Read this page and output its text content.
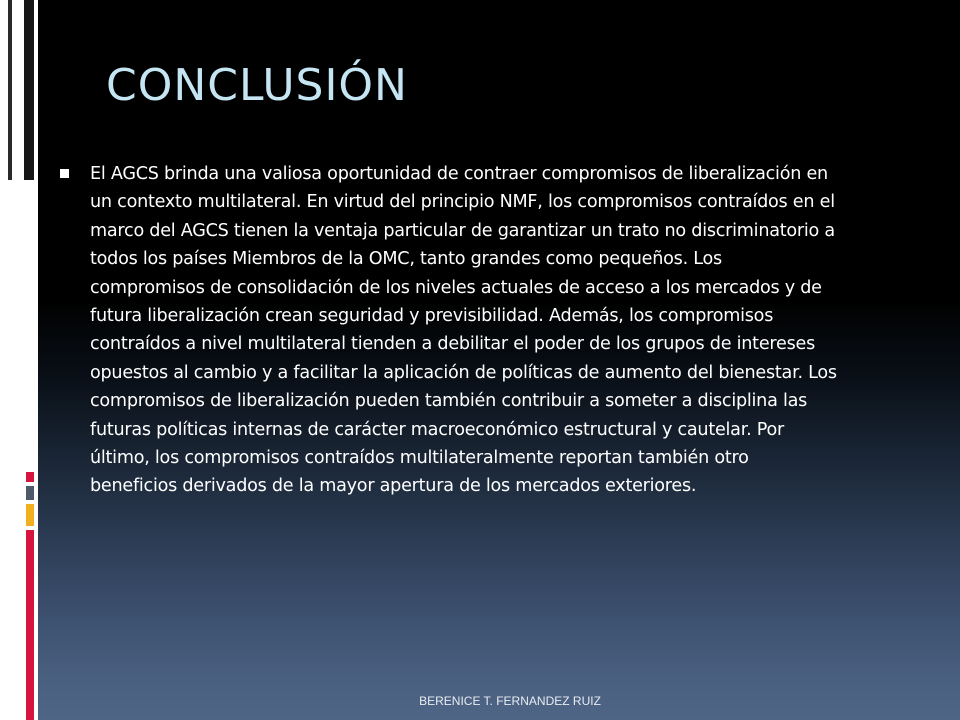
CONCLUSIÓN
El AGCS brinda una valiosa oportunidad de contraer compromisos de liberalización en un contexto multilateral. En virtud del principio NMF, los compromisos contraídos en el marco del AGCS tienen la ventaja particular de garantizar un trato no discriminatorio a todos los países Miembros de la OMC, tanto grandes como pequeños. Los compromisos de consolidación de los niveles actuales de acceso a los mercados y de futura liberalización crean seguridad y previsibilidad. Además, los compromisos contraídos a nivel multilateral tienden a debilitar el poder de los grupos de intereses opuestos al cambio y a facilitar la aplicación de políticas de aumento del bienestar. Los compromisos de liberalización pueden también contribuir a someter a disciplina las futuras políticas internas de carácter macroeconómico estructural y cautelar. Por último, los compromisos contraídos multilateralmente reportan también otro beneficios derivados de la mayor apertura de los mercados exteriores.
BERENICE T. FERNANDEZ RUIZ
